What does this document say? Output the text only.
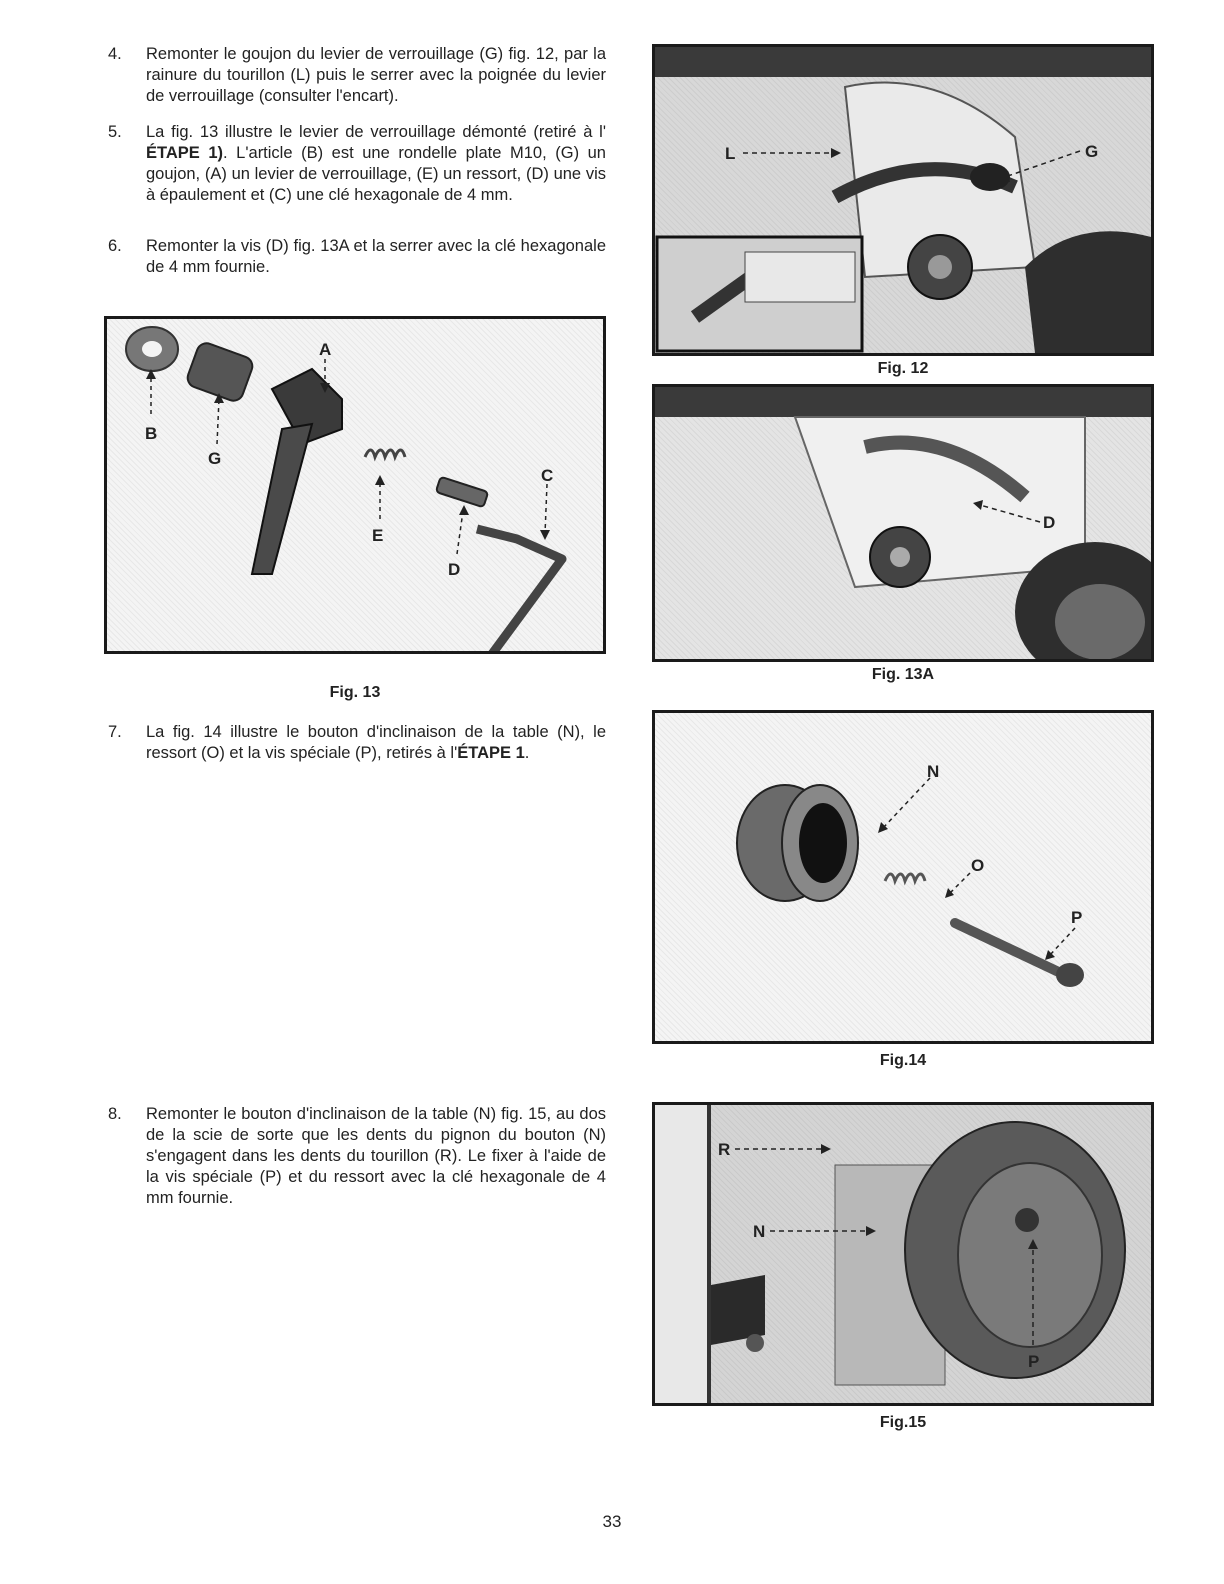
4.	Remonter le goujon du levier de verrouillage (G) fig. 12, par la rainure du tourillon (L) puis le serrer avec la poignée du levier de verrouillage (consulter l'encart).
5.	La fig. 13 illustre le levier de verrouillage démonté (retiré à l' ÉTAPE 1). L'article (B) est une rondelle plate M10, (G) un goujon, (A) un levier de verrouillage, (E) un ressort, (D) une vis à épaulement et (C) une clé hexagonale de 4 mm.
6.	Remonter la vis (D) fig. 13A et la serrer avec la clé hexagonale de 4 mm fournie.
B
G
A
E
D
C
Fig. 13
7.	La fig. 14 illustre le bouton d'inclinaison de la table (N), le ressort (O) et la vis spéciale (P), retirés à l'ÉTAPE 1.
8.	Remonter le bouton d'inclinaison de la table (N) fig. 15, au dos de la scie de sorte que les dents du pignon du bouton (N) s'engagent dans les dents du tourillon (R). Le fixer à l'aide de la vis spéciale (P) et du ressort avec la clé hexagonale de 4 mm fournie.
L	G
Fig. 12
D
Fig. 13A
N
O
P
Fig.14
R
N
P
Fig.15
33
